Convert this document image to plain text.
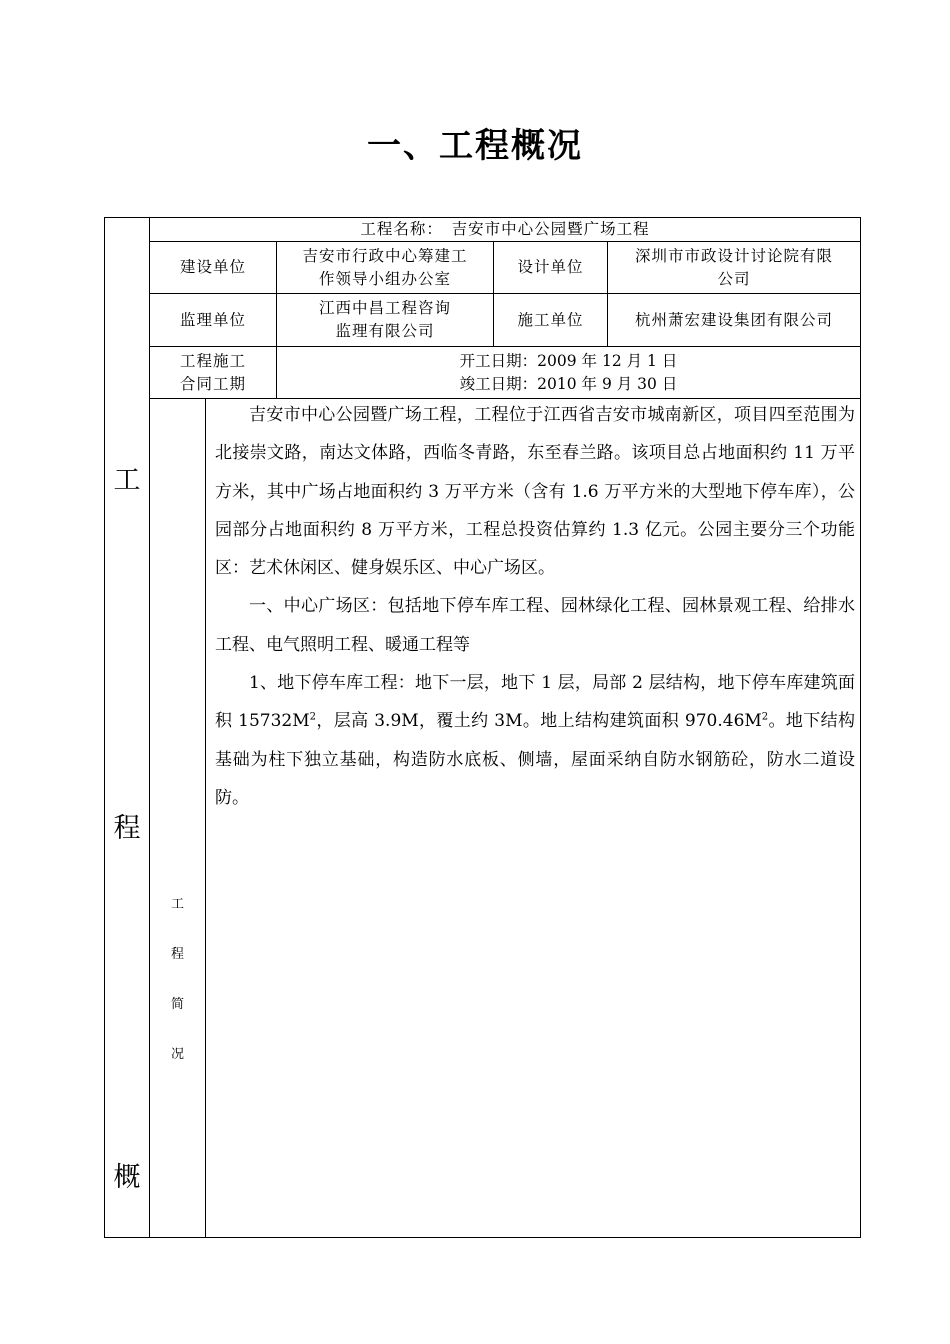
一、工程概况
工
程
概
工程名称：　吉安市中心公园暨广场工程
建设单位
吉安市行政中心筹建工
作领导小组办公室
设计单位
深圳市市政设计讨论院有限
公司
监理单位
江西中昌工程咨询
监理有限公司
施工单位	杭州萧宏建设集团有限公司
工程施工
合同工期
开工日期：2009 年 12 月 1 日
竣工日期：2010 年 9 月 30 日
工
程
简
况

吉安市中心公园暨广场工程，工程位于江西省吉安市城南新区，项目四至范围为北接崇文路，南达文体路，西临冬青路，东至春兰路。该项目总占地面积约 11 万平方米，其中广场占地面积约 3 万平方米（含有 1.6 万平方米的大型地下停车库），公园部分占地面积约 8 万平方米，工程总投资估算约 1.3 亿元。公园主要分三个功能区：艺术休闲区、健身娱乐区、中心广场区。

一、中心广场区：包括地下停车库工程、园林绿化工程、园林景观工程、给排水工程、电气照明工程、暖通工程等

1、地下停车库工程：地下一层，地下 1 层，局部 2 层结构，地下停车库建筑面积 $15732M^2$，层高 3.9M，覆土约 3M。地上结构建筑面积 $970.46M^2$。地下结构基础为柱下独立基础，构造防水底板、侧墙，屋面采纳自防水钢筋砼，防水二道设防。
